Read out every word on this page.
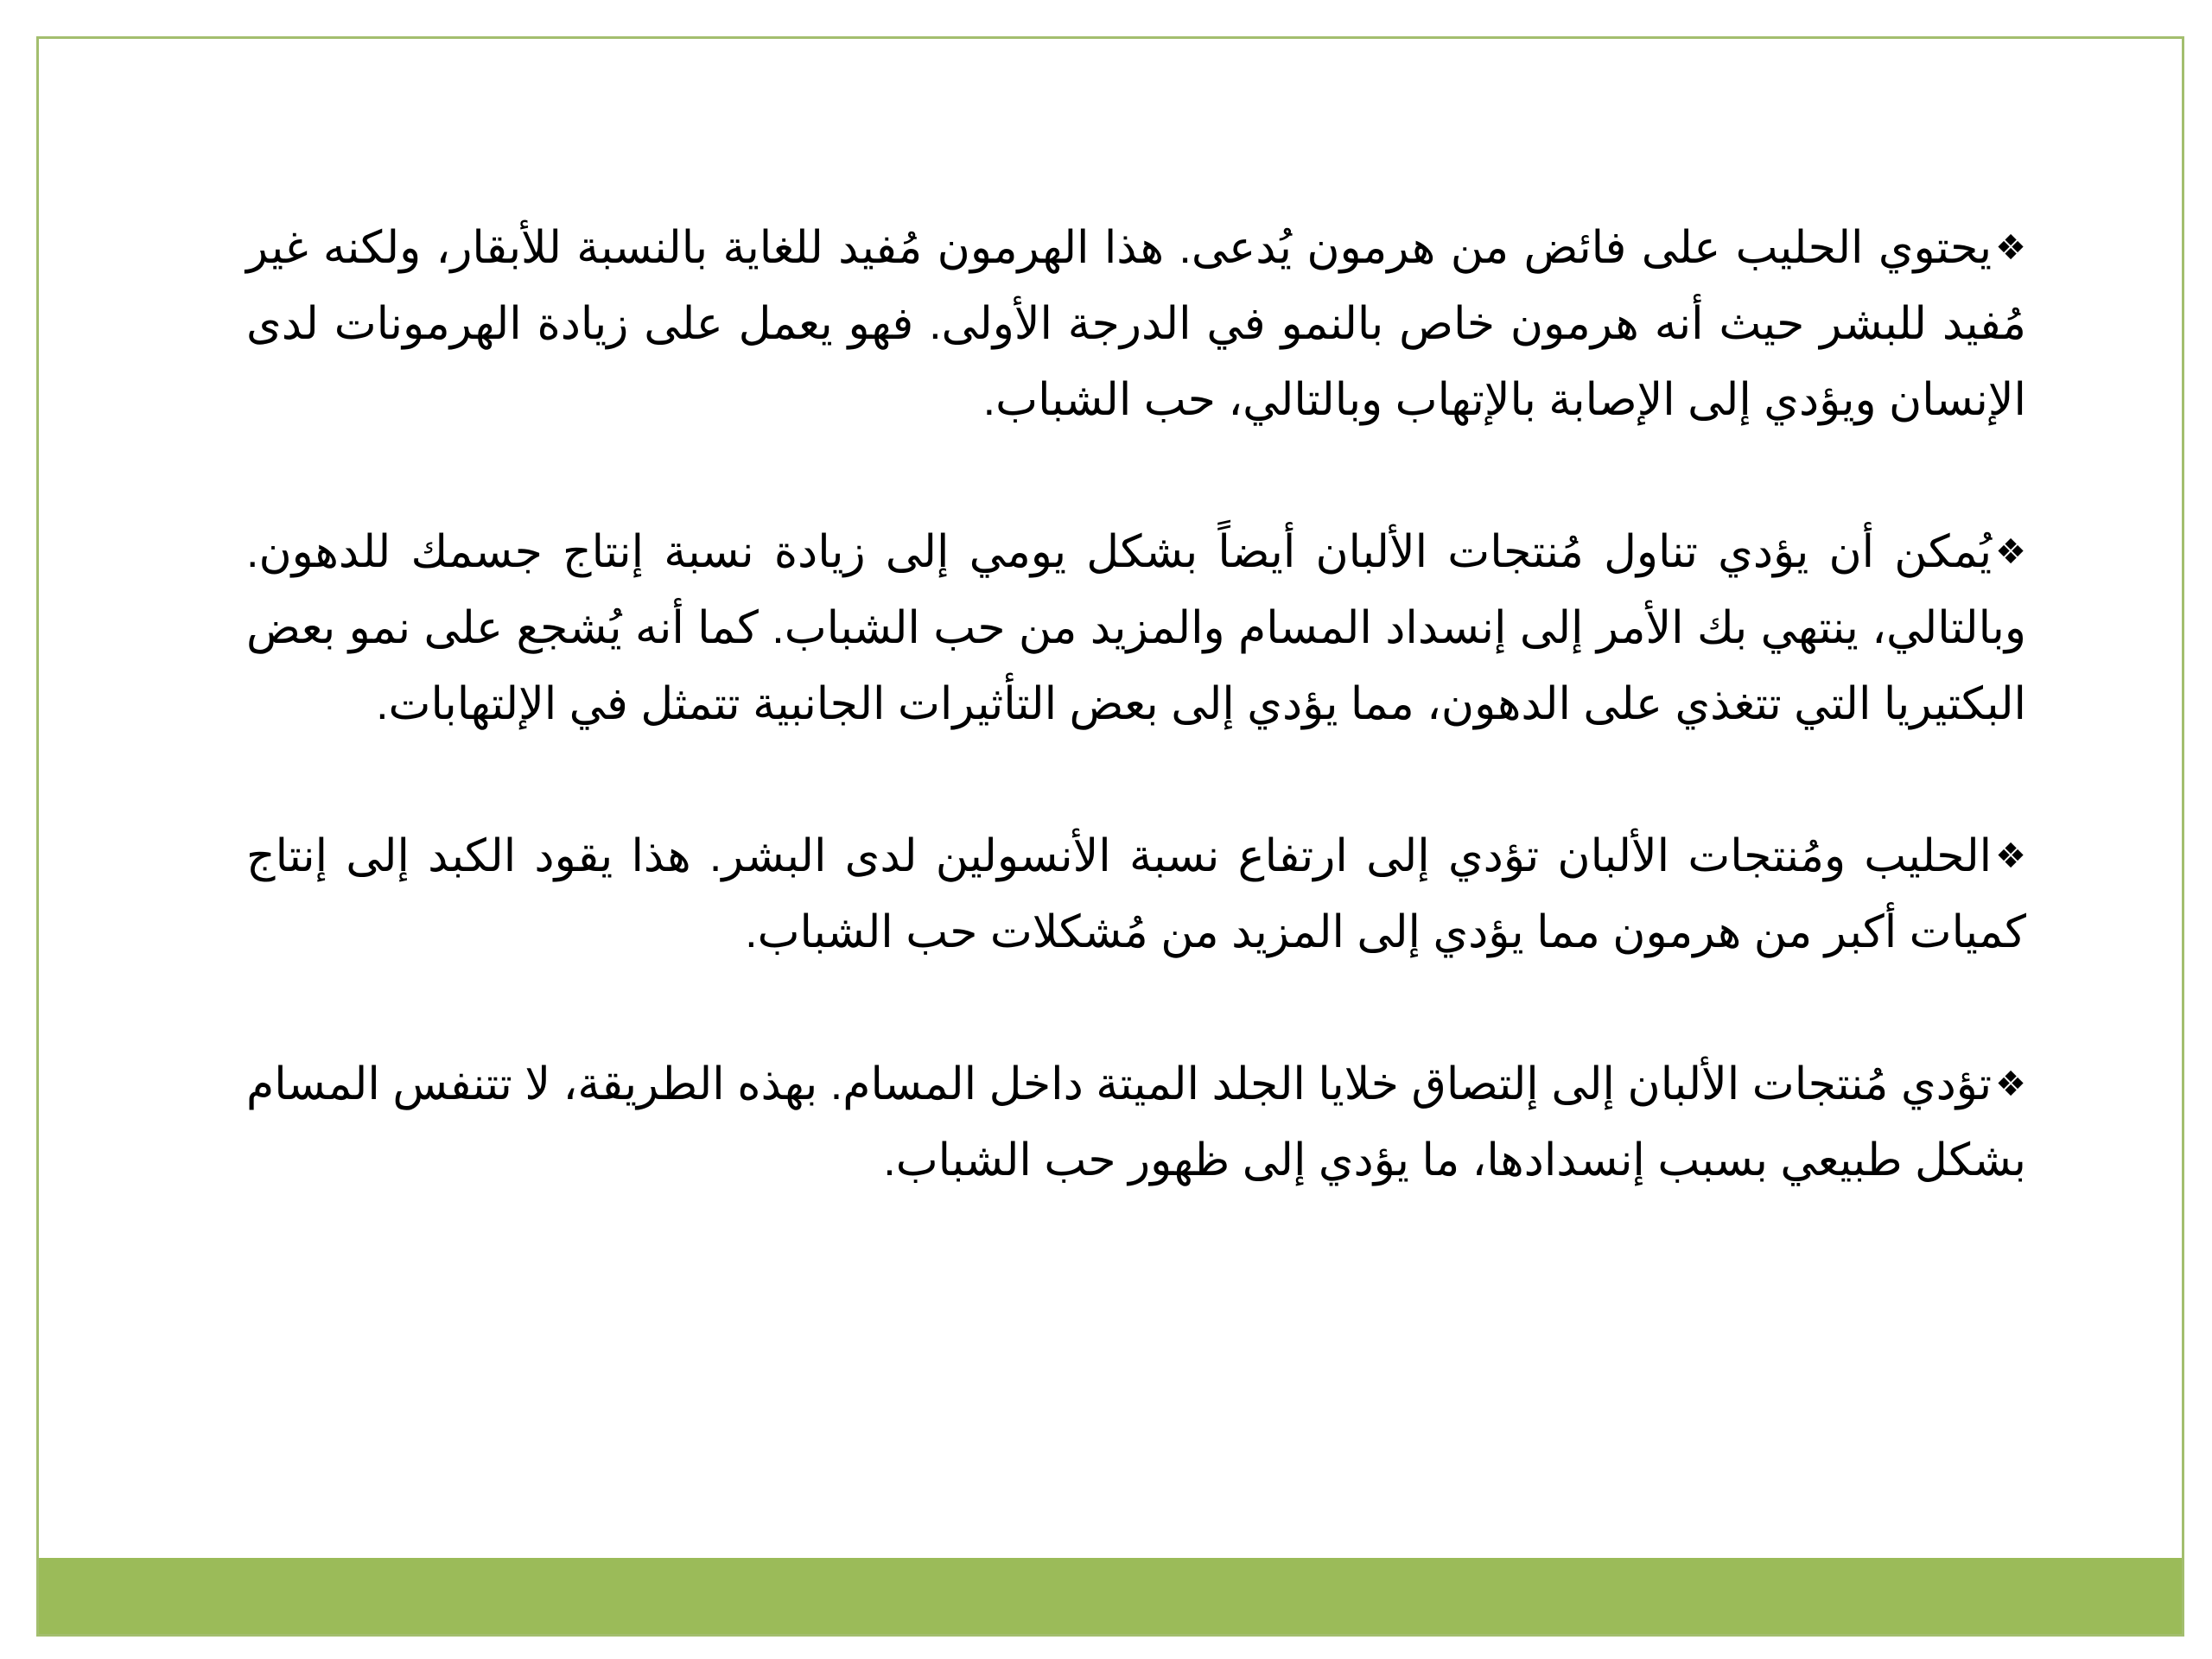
❖يحتوي الحليب على فائض من هرمون يُدعى. هذا الهرمون مُفيد للغاية بالنسبة للأبقار، ولكنه غير مُفيد للبشر حيث أنه هرمون خاص بالنمو في الدرجة الأولى. فهو يعمل على زيادة الهرمونات لدى الإنسان ويؤدي إلى الإصابة بالإتهاب وبالتالي، حب الشباب.

❖يُمكن أن يؤدي تناول مُنتجات الألبان أيضاً بشكل يومي إلى زيادة نسبة إنتاج جسمك للدهون. وبالتالي، ينتهي بك الأمر إلى إنسداد المسام والمزيد من حب الشباب. كما أنه يُشجع على نمو بعض البكتيريا التي تتغذي على الدهون، مما يؤدي إلى بعض التأثيرات الجانبية تتمثل في الإلتهابات.

❖الحليب ومُنتجات الألبان تؤدي إلى ارتفاع نسبة الأنسولين لدى البشر. هذا يقود الكبد إلى إنتاج كميات أكبر من هرمون مما يؤدي إلى المزيد من مُشكلات حب الشباب.

❖تؤدي مُنتجات الألبان إلى إلتصاق خلايا الجلد الميتة داخل المسام. بهذه الطريقة، لا تتنفس المسام بشكل طبيعي بسبب إنسدادها، ما يؤدي إلى ظهور حب الشباب.
